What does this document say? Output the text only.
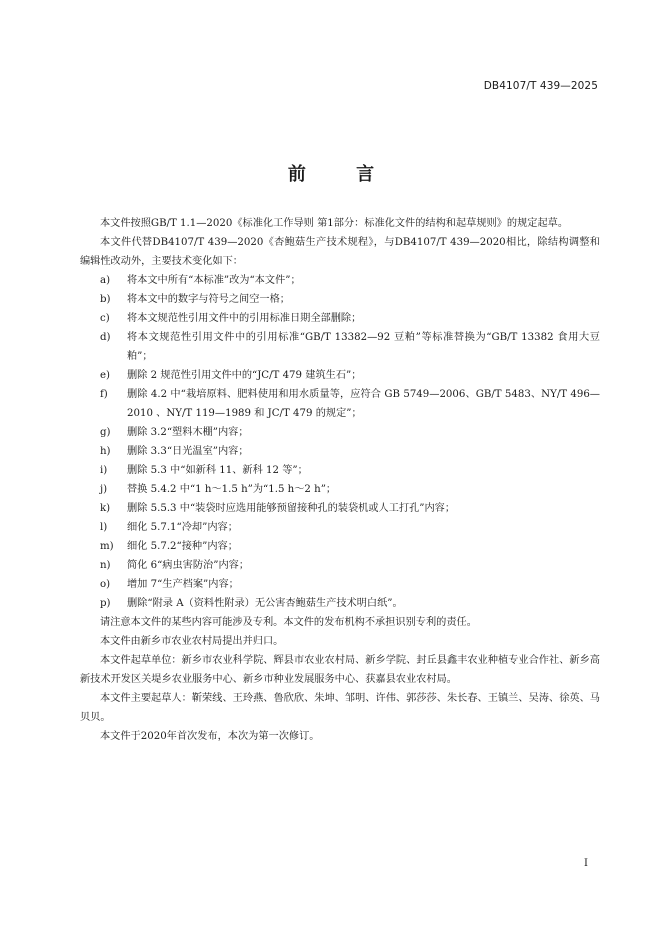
DB4107/T 439—2025
前 言

本文件按照GB/T 1.1—2020《标准化工作导则 第1部分：标准化文件的结构和起草规则》的规定起草。

本文件代替DB4107/T 439—2020《杏鲍菇生产技术规程》，与DB4107/T 439—2020相比，除结构调整和编辑性改动外，主要技术变化如下：

a) 将本文中所有“本标准”改为“本文件”；

b) 将本文中的数字与符号之间空一格；

c) 将本文规范性引用文件中的引用标准日期全部删除；

d) 将本文规范性引用文件中的引用标准“GB/T 13382—92 豆粕”等标准替换为“GB/T 13382 食用大豆粕”；

e) 删除 2 规范性引用文件中的“JC/T 479 建筑生石”；

f) 删除 4.2 中“栽培原料、肥料使用和用水质量等，应符合 GB 5749—2006、GB/T 5483、NY/T 496—2010 、NY/T 119—1989 和 JC/T 479 的规定”；

g) 删除 3.2“塑料木棚”内容；

h) 删除 3.3“日光温室”内容；

i) 删除 5.3 中“如新科 11、新科 12 等”；

j) 替换 5.4.2 中“1 h～1.5 h”为“1.5 h～2 h”；

k) 删除 5.5.3 中“装袋时应选用能够预留接种孔的装袋机或人工打孔”内容；

l) 细化 5.7.1“冷却”内容；

m) 细化 5.7.2“接种”内容；

n) 简化 6“病虫害防治”内容；

o) 增加 7“生产档案”内容；

p) 删除“附录 A（资料性附录）无公害杏鲍菇生产技术明白纸”。

请注意本文件的某些内容可能涉及专利。本文件的发布机构不承担识别专利的责任。

本文件由新乡市农业农村局提出并归口。

本文件起草单位：新乡市农业科学院、辉县市农业农村局、新乡学院、封丘县鑫丰农业种植专业合作社、新乡高新技术开发区关堤乡农业服务中心、新乡市种业发展服务中心、获嘉县农业农村局。

本文件主要起草人：靳荣线、王玲燕、鲁欣欣、朱坤、邹明、许伟、郭莎莎、朱长春、王镇兰、吴涛、徐英、马贝贝。

本文件于2020年首次发布，本次为第一次修订。

I
